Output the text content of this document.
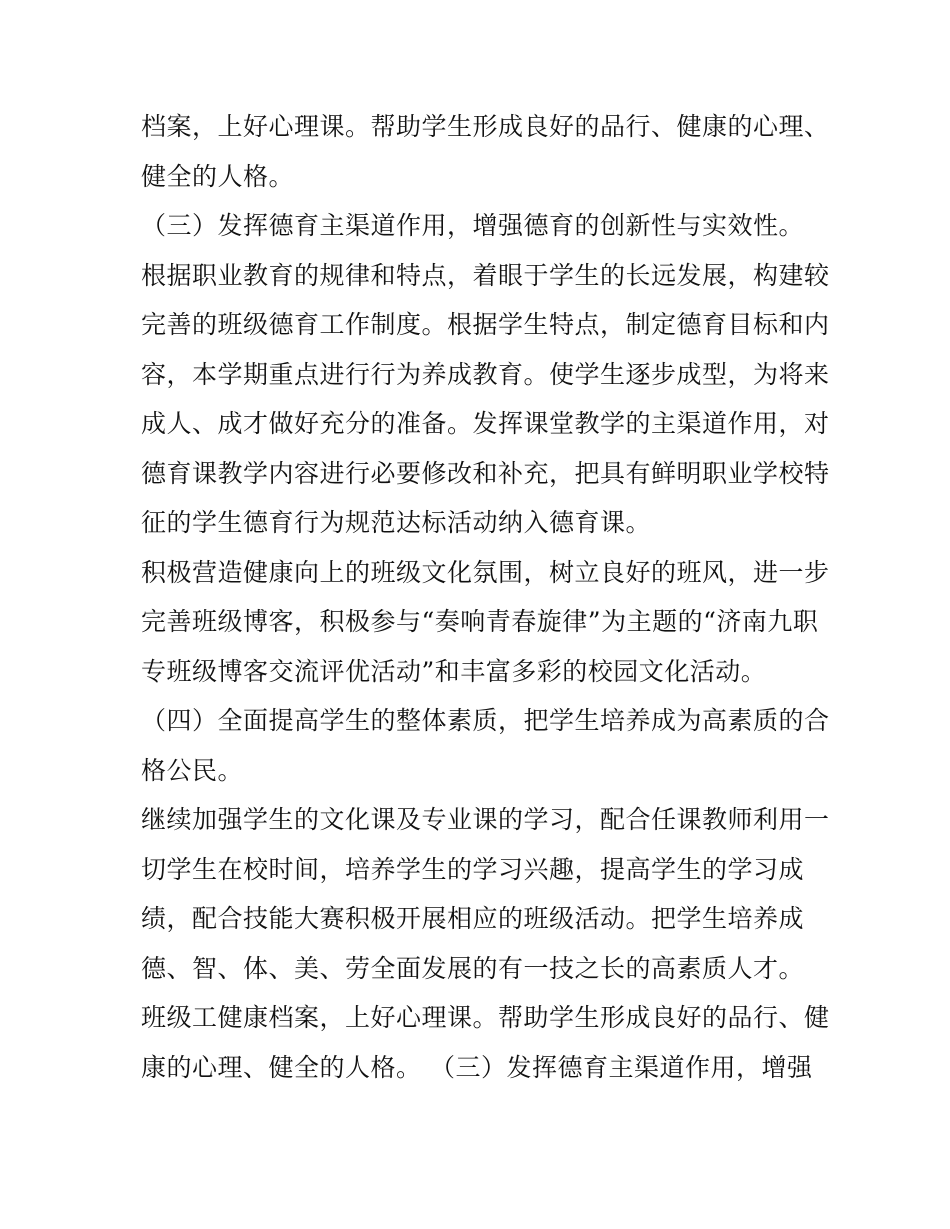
档案，上好心理课。帮助学生形成良好的品行、健康的心理、
健全的人格。
（三）发挥德育主渠道作用，增强德育的创新性与实效性。
根据职业教育的规律和特点，着眼于学生的长远发展，构建较
完善的班级德育工作制度。根据学生特点，制定德育目标和内
容，本学期重点进行行为养成教育。使学生逐步成型，为将来
成人、成才做好充分的准备。发挥课堂教学的主渠道作用，对
德育课教学内容进行必要修改和补充，把具有鲜明职业学校特
征的学生德育行为规范达标活动纳入德育课。
积极营造健康向上的班级文化氛围，树立良好的班风，进一步
完善班级博客，积极参与“奏响青春旋律”为主题的“济南九职
专班级博客交流评优活动”和丰富多彩的校园文化活动。
（四）全面提高学生的整体素质，把学生培养成为高素质的合
格公民。
继续加强学生的文化课及专业课的学习，配合任课教师利用一
切学生在校时间，培养学生的学习兴趣，提高学生的学习成
绩，配合技能大赛积极开展相应的班级活动。把学生培养成
德、智、体、美、劳全面发展的有一技之长的高素质人才。
班级工健康档案，上好心理课。帮助学生形成良好的品行、健
康的心理、健全的人格。 （三）发挥德育主渠道作用，增强
